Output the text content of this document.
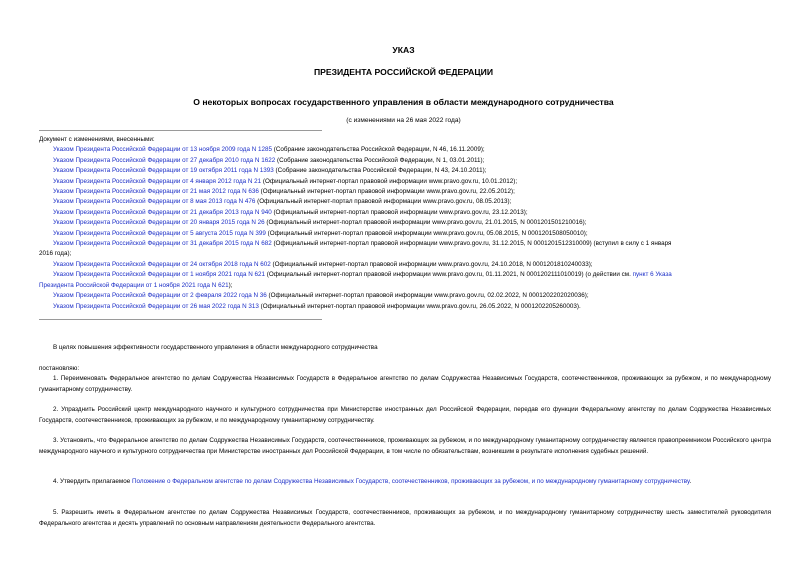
УКАЗ
ПРЕЗИДЕНТА РОССИЙСКОЙ ФЕДЕРАЦИИ
О некоторых вопросах государственного управления в области международного сотрудничества
(с изменениями на 26 мая 2022 года)
Документ с изменениями, внесенными:
Указом Президента Российской Федерации от 13 ноября 2009 года N 1285 (Собрание законодательства Российской Федерации, N 46, 16.11.2009);
Указом Президента Российской Федерации от 27 декабря 2010 года N 1622 (Собрание законодательства Российской Федерации, N 1, 03.01.2011);
Указом Президента Российской Федерации от 19 октября 2011 года N 1393 (Собрание законодательства Российской Федерации, N 43, 24.10.2011);
Указом Президента Российской Федерации от 4 января 2012 года N 21 (Официальный интернет-портал правовой информации www.pravo.gov.ru, 10.01.2012);
Указом Президента Российской Федерации от 21 мая 2012 года N 636 (Официальный интернет-портал правовой информации www.pravo.gov.ru, 22.05.2012);
Указом Президента Российской Федерации от 8 мая 2013 года N 476 (Официальный интернет-портал правовой информации www.pravo.gov.ru, 08.05.2013);
Указом Президента Российской Федерации от 21 декабря 2013 года N 940 (Официальный интернет-портал правовой информации www.pravo.gov.ru, 23.12.2013);
Указом Президента Российской Федерации от 20 января 2015 года N 26 (Официальный интернет-портал правовой информации www.pravo.gov.ru, 21.01.2015, N 0001201501210016);
Указом Президента Российской Федерации от 5 августа 2015 года N 399 (Официальный интернет-портал правовой информации www.pravo.gov.ru, 05.08.2015, N 0001201508050010);
Указом Президента Российской Федерации от 31 декабря 2015 года N 682 (Официальный интернет-портал правовой информации www.pravo.gov.ru, 31.12.2015, N 0001201512310009) (вступил в силу с 1 января
2016 года);
Указом Президента Российской Федерации от 24 октября 2018 года N 602 (Официальный интернет-портал правовой информации www.pravo.gov.ru, 24.10.2018, N 0001201810240033);
Указом Президента Российской Федерации от 1 ноября 2021 года N 621 (Официальный интернет-портал правовой информации www.pravo.gov.ru, 01.11.2021, N 0001202111010019) (о действии см. пункт 6 Указа
Президента Российской Федерации от 1 ноября 2021 года N 621);
Указом Президента Российской Федерации от 2 февраля 2022 года N 36 (Официальный интернет-портал правовой информации www.pravo.gov.ru, 02.02.2022, N 0001202202020036);
Указом Президента Российской Федерации от 26 мая 2022 года N 313 (Официальный интернет-портал правовой информации www.pravo.gov.ru, 26.05.2022, N 0001202205260003).
В целях повышения эффективности государственного управления в области международного сотрудничества
постановляю:
1. Переименовать Федеральное агентство по делам Содружества Независимых Государств в Федеральное агентство по делам Содружества Независимых Государств, соотечественников, проживающих за рубежом, и по международному гуманитарному сотрудничеству.
2. Упразднить Российский центр международного научного и культурного сотрудничества при Министерстве иностранных дел Российской Федерации, передав его функции Федеральному агентству по делам Содружества Независимых Государств, соотечественников, проживающих за рубежом, и по международному гуманитарному сотрудничеству.
3. Установить, что Федеральное агентство по делам Содружества Независимых Государств, соотечественников, проживающих за рубежом, и по международному гуманитарному сотрудничеству является правопреемником Российского центра международного научного и культурного сотрудничества при Министерстве иностранных дел Российской Федерации, в том числе по обязательствам, возникшим в результате исполнения судебных решений.
4. Утвердить прилагаемое Положение о Федеральном агентстве по делам Содружества Независимых Государств, соотечественников, проживающих за рубежом, и по международному гуманитарному сотрудничеству.
5. Разрешить иметь в Федеральном агентстве по делам Содружества Независимых Государств, соотечественников, проживающих за рубежом, и по международному гуманитарному сотрудничеству шесть заместителей руководителя Федерального агентства и десять управлений по основным направлениям деятельности Федерального агентства.
